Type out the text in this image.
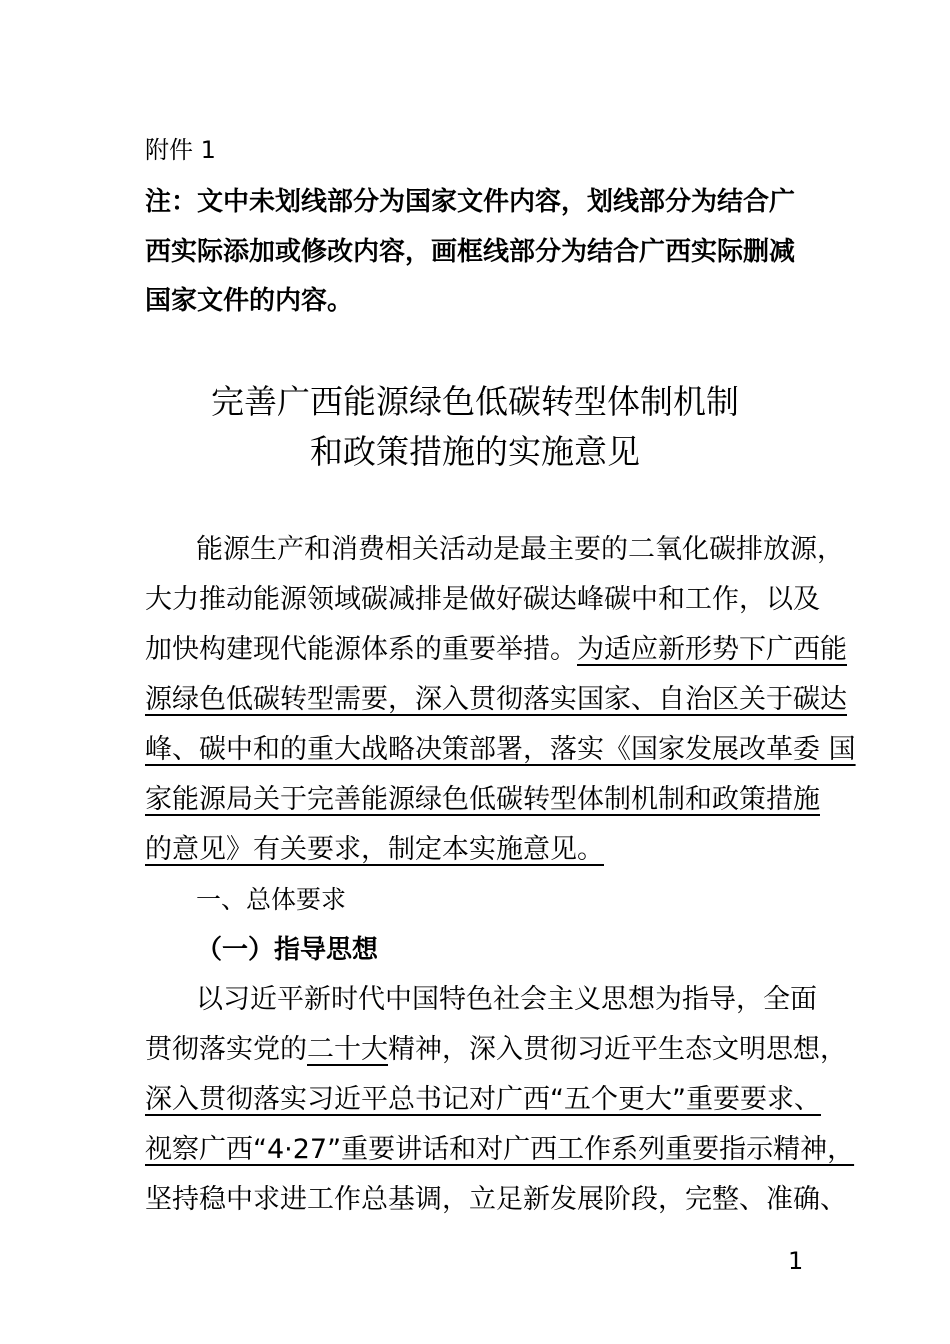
附件 1
注：文中未划线部分为国家文件内容，划线部分为结合广
西实际添加或修改内容，画框线部分为结合广西实际删减
国家文件的内容。
完善广西能源绿色低碳转型体制机制
和政策措施的实施意见
能源生产和消费相关活动是最主要的二氧化碳排放源，
大力推动能源领域碳减排是做好碳达峰碳中和工作，以及
加快构建现代能源体系的重要举措。为适应新形势下广西能
源绿色低碳转型需要，深入贯彻落实国家、自治区关于碳达
峰、碳中和的重大战略决策部署，落实《国家发展改革委 国
家能源局关于完善能源绿色低碳转型体制机制和政策措施
的意见》有关要求，制定本实施意见。
一、总体要求
（一）指导思想
以习近平新时代中国特色社会主义思想为指导，全面
贯彻落实党的二十大精神，深入贯彻习近平生态文明思想，
深入贯彻落实习近平总书记对广西“五个更大”重要要求、
视察广西“4·27”重要讲话和对广西工作系列重要指示精神，
坚持稳中求进工作总基调，立足新发展阶段，完整、准确、
1
